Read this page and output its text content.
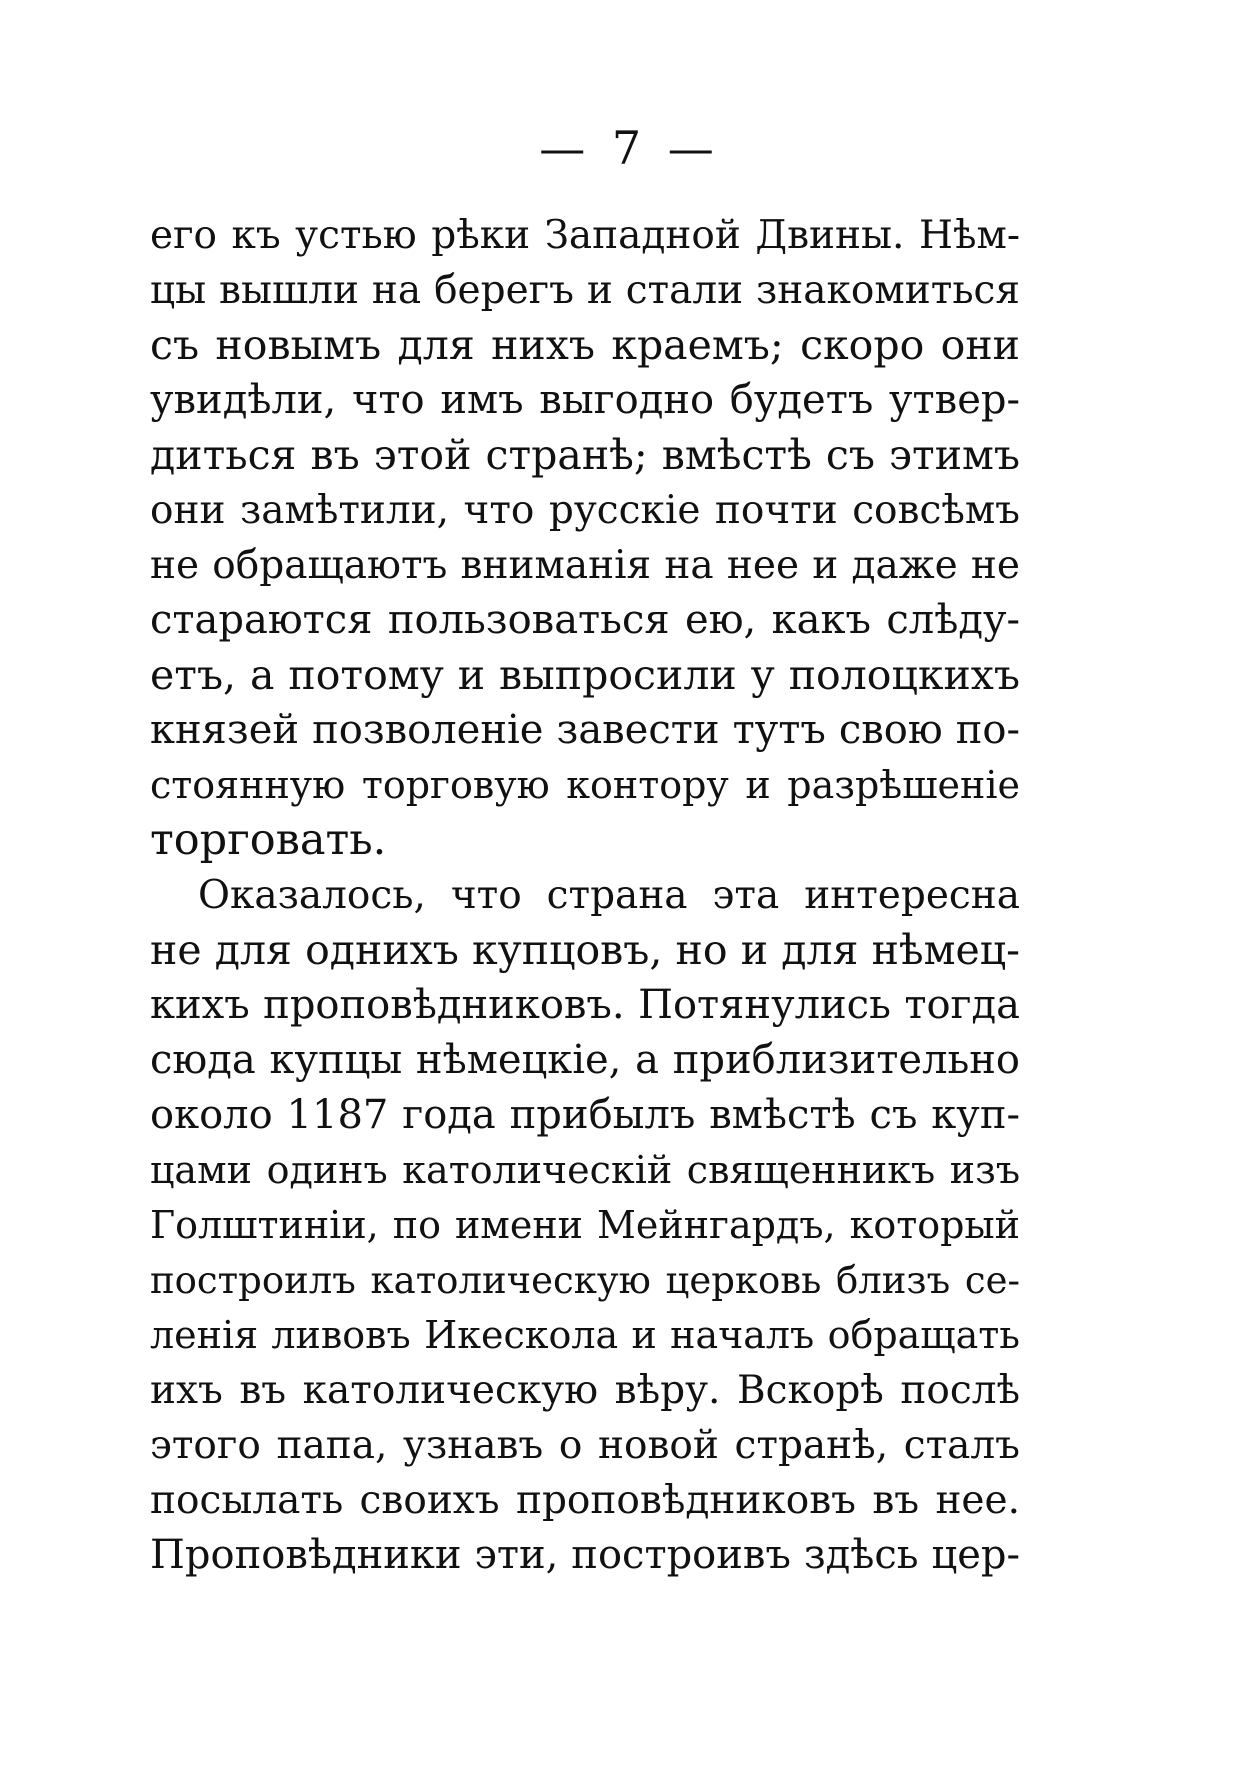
— 7 —
его къ устью рѣки Западной Двины. Нѣм-
цы вышли на берегъ и стали знакомиться
съ новымъ для нихъ краемъ; скоро они
увидѣли, что имъ выгодно будетъ утвер-
диться въ этой странѣ; вмѣстѣ съ этимъ
они замѣтили, что русскіе почти совсѣмъ
не обращаютъ вниманія на нее и даже не
стараются пользоваться ею, какъ слѣду-
етъ, а потому и выпросили у полоцкихъ
князей позволеніе завести тутъ свою по-
стоянную торговую контору и разрѣшеніе
торговать.
Оказалось, что страна эта интересна
не для однихъ купцовъ, но и для нѣмец-
кихъ проповѣдниковъ. Потянулись тогда
сюда купцы нѣмецкіе, а приблизительно
около 1187 года прибылъ вмѣстѣ съ куп-
цами одинъ католическій священникъ изъ
Голштиніи, по имени Мейнгардъ, который
построилъ католическую церковь близъ се-
ленія ливовъ Икескола и началъ обращать
ихъ въ католическую вѣру. Вскорѣ послѣ
этого папа, узнавъ о новой странѣ, сталъ
посылать своихъ проповѣдниковъ въ нее.
Проповѣдники эти, построивъ здѣсь цер-
